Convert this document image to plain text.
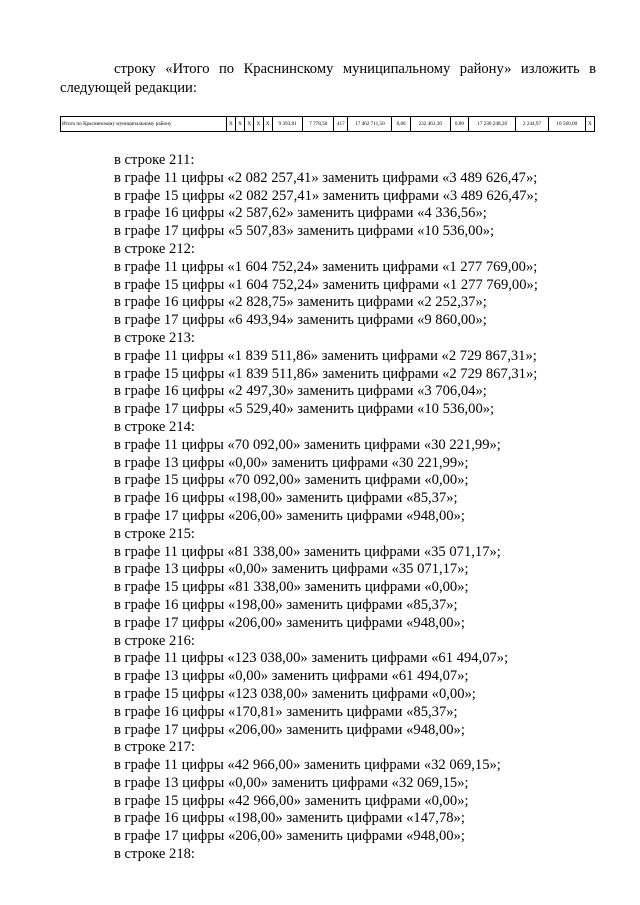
строку «Итого по Краснинскому муниципальному району» изложить в

следующей редакции:

Итого по Краснинскому муниципальному району	X	X	X	X	X	9 393,81	7 778,50	417	17 462 711,50	0,00	232 463,30	0,00	17 230 248,20	2 244,97	10 560,00	X
в строке 211:
в графе 11 цифры «2 082 257,41» заменить цифрами «3 489 626,47»;
в графе 15 цифры «2 082 257,41» заменить цифрами «3 489 626,47»;
в графе 16 цифры «2 587,62» заменить цифрами «4 336,56»;
в графе 17 цифры «5 507,83» заменить цифрами «10 536,00»;
в строке 212:
в графе 11 цифры «1 604 752,24» заменить цифрами «1 277 769,00»;
в графе 15 цифры «1 604 752,24» заменить цифрами «1 277 769,00»;
в графе 16 цифры «2 828,75» заменить цифрами «2 252,37»;
в графе 17 цифры «6 493,94» заменить цифрами «9 860,00»;
в строке 213:
в графе 11 цифры «1 839 511,86» заменить цифрами «2 729 867,31»;
в графе 15 цифры «1 839 511,86» заменить цифрами «2 729 867,31»;
в графе 16 цифры «2 497,30» заменить цифрами «3 706,04»;
в графе 17 цифры «5 529,40» заменить цифрами «10 536,00»;
в строке 214:
в графе 11 цифры «70 092,00» заменить цифрами «30 221,99»;
в графе 13 цифры «0,00» заменить цифрами «30 221,99»;
в графе 15 цифры «70 092,00» заменить цифрами «0,00»;
в графе 16 цифры «198,00» заменить цифрами «85,37»;
в графе 17 цифры «206,00» заменить цифрами «948,00»;
в строке 215:
в графе 11 цифры «81 338,00» заменить цифрами «35 071,17»;
в графе 13 цифры «0,00» заменить цифрами «35 071,17»;
в графе 15 цифры «81 338,00» заменить цифрами «0,00»;
в графе 16 цифры «198,00» заменить цифрами «85,37»;
в графе 17 цифры «206,00» заменить цифрами «948,00»;
в строке 216:
в графе 11 цифры «123 038,00» заменить цифрами «61 494,07»;
в графе 13 цифры «0,00» заменить цифрами «61 494,07»;
в графе 15 цифры «123 038,00» заменить цифрами «0,00»;
в графе 16 цифры «170,81» заменить цифрами «85,37»;
в графе 17 цифры «206,00» заменить цифрами «948,00»;
в строке 217:
в графе 11 цифры «42 966,00» заменить цифрами «32 069,15»;
в графе 13 цифры «0,00» заменить цифрами «32 069,15»;
в графе 15 цифры «42 966,00» заменить цифрами «0,00»;
в графе 16 цифры «198,00» заменить цифрами «147,78»;
в графе 17 цифры «206,00» заменить цифрами «948,00»;
в строке 218:
